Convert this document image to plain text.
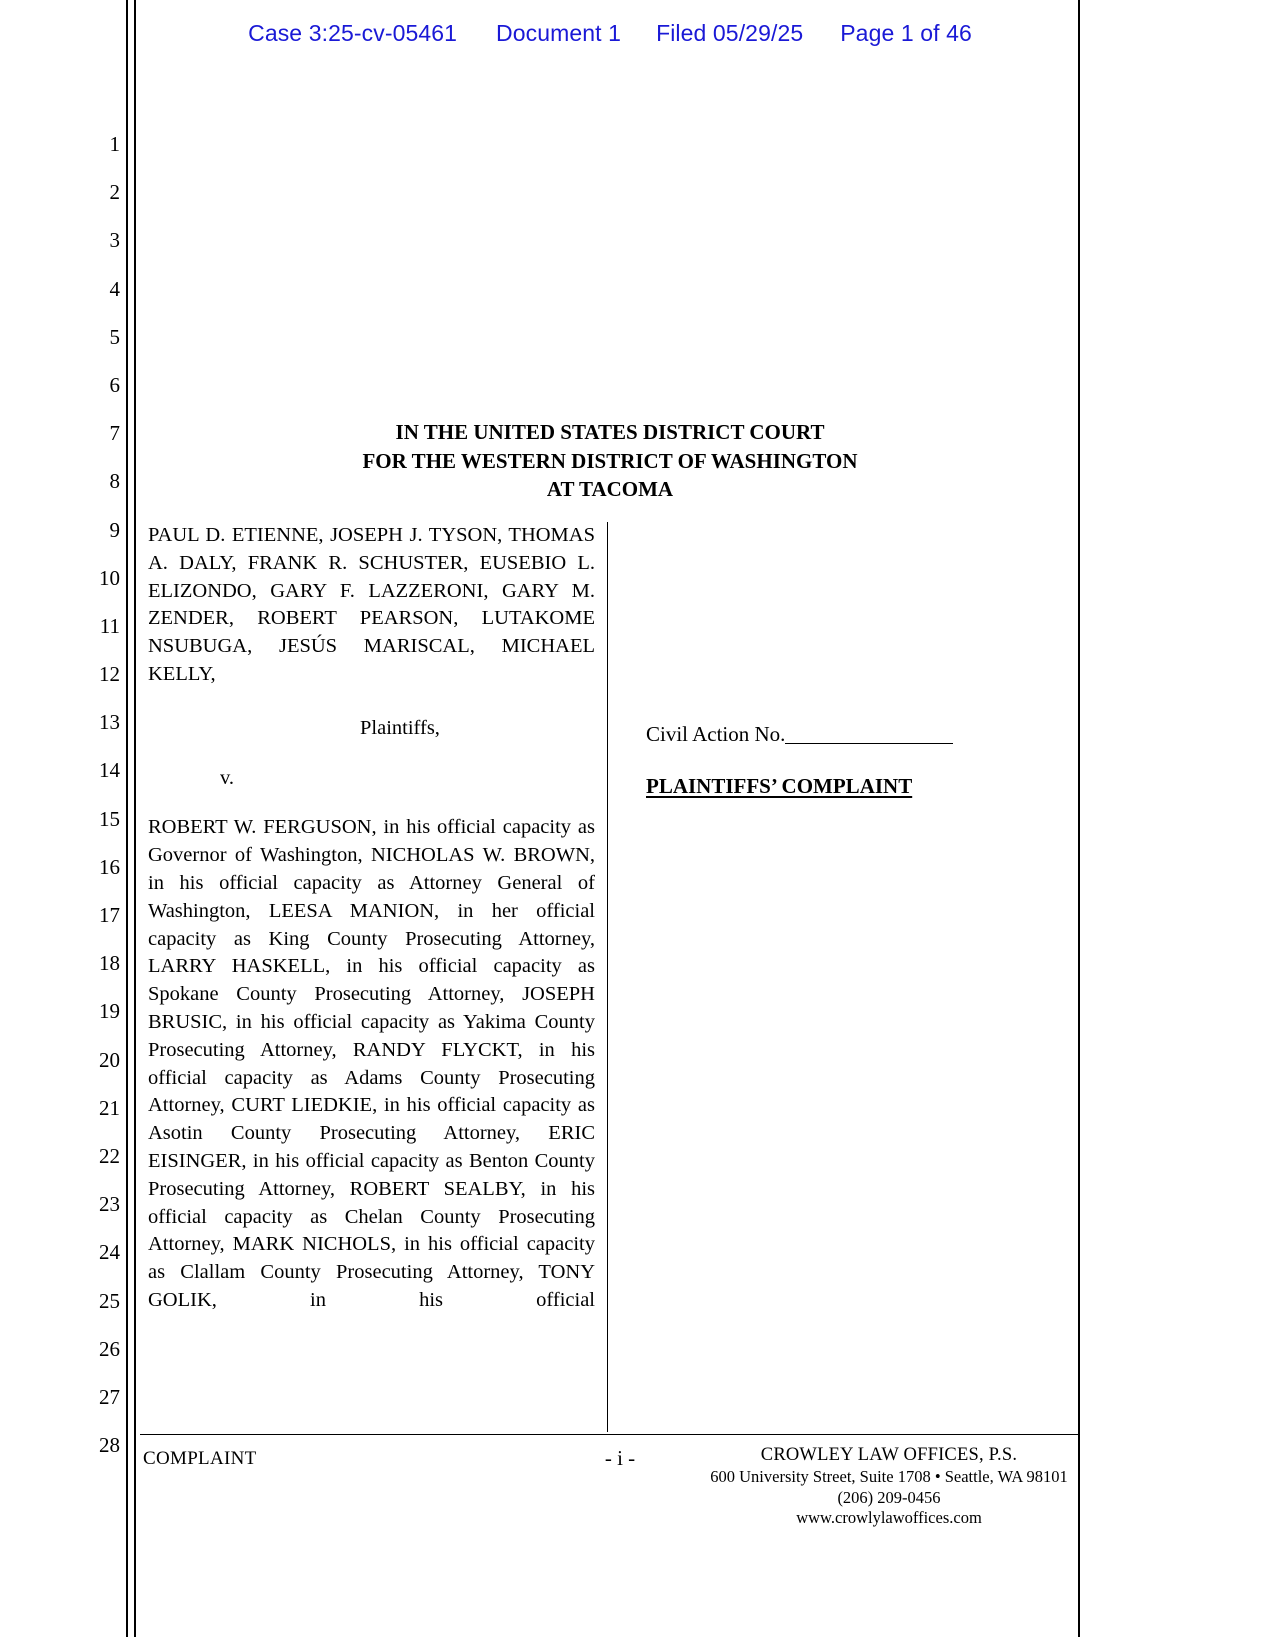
Case 3:25-cv-05461 Document 1 Filed 05/29/25 Page 1 of 46
1
2
3
4
5
6
7
8
9
10
11
12
13
14
15
16
17
18
19
20
21
22
23
24
25
26
27
28
IN THE UNITED STATES DISTRICT COURT
FOR THE WESTERN DISTRICT OF WASHINGTON
AT TACOMA
PAUL D. ETIENNE, JOSEPH J. TYSON, THOMAS A. DALY, FRANK R. SCHUSTER, EUSEBIO L. ELIZONDO, GARY F. LAZZERONI, GARY M. ZENDER, ROBERT PEARSON, LUTAKOME NSUBUGA, JESÚS MARISCAL, MICHAEL KELLY,
Plaintiffs,
v.
ROBERT W. FERGUSON, in his official capacity as Governor of Washington, NICHOLAS W. BROWN, in his official capacity as Attorney General of Washington, LEESA MANION, in her official capacity as King County Prosecuting Attorney, LARRY HASKELL, in his official capacity as Spokane County Prosecuting Attorney, JOSEPH BRUSIC, in his official capacity as Yakima County Prosecuting Attorney, RANDY FLYCKT, in his official capacity as Adams County Prosecuting Attorney, CURT LIEDKIE, in his official capacity as Asotin County Prosecuting Attorney, ERIC EISINGER, in his official capacity as Benton County Prosecuting Attorney, ROBERT SEALBY, in his official capacity as Chelan County Prosecuting Attorney, MARK NICHOLS, in his official capacity as Clallam County Prosecuting Attorney, TONY GOLIK, in his official
Civil Action No.
PLAINTIFFS’ COMPLAINT
COMPLAINT	- i -	CROWLEY LAW OFFICES, P.S.
600 University Street, Suite 1708 • Seattle, WA 98101
(206) 209-0456
www.crowlylawoffices.com
